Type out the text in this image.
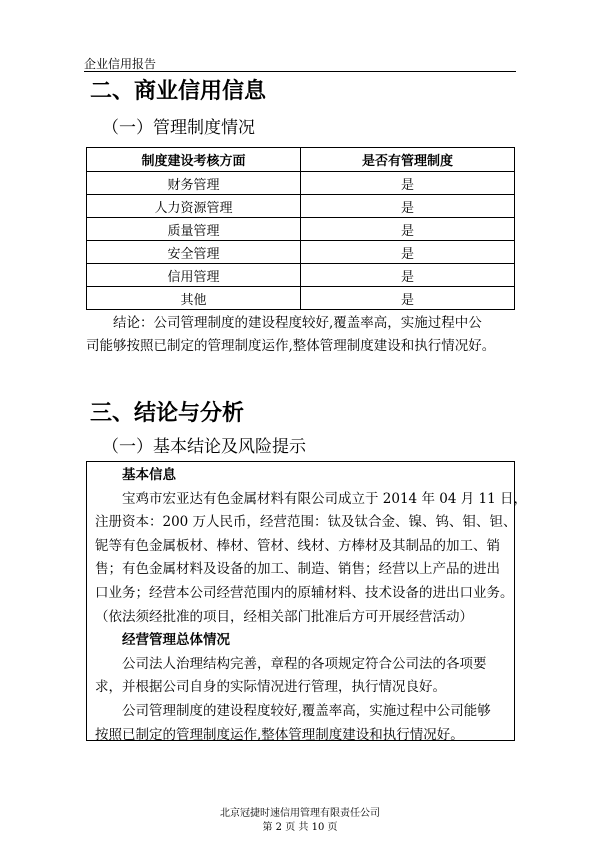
企业信用报告
二、商业信用信息
（一）管理制度情况
制度建设考核方面	是否有管理制度
财务管理	是
人力资源管理	是
质量管理	是
安全管理	是
信用管理	是
其他	是
结论：公司管理制度的建设程度较好,覆盖率高，实施过程中公
司能够按照已制定的管理制度运作,整体管理制度建设和执行情况好。
三、结论与分析
（一）基本结论及风险提示
基本信息
宝鸡市宏亚达有色金属材料有限公司成立于 2014 年 04 月 11 日，
注册资本：200 万人民币，经营范围：钛及钛合金、镍、钨、钼、钽、
铌等有色金属板材、棒材、管材、线材、方棒材及其制品的加工、销
售；有色金属材料及设备的加工、制造、销售；经营以上产品的进出
口业务；经营本公司经营范围内的原辅材料、技术设备的进出口业务。
（依法须经批准的项目，经相关部门批准后方可开展经营活动）
经营管理总体情况
公司法人治理结构完善，章程的各项规定符合公司法的各项要
求，并根据公司自身的实际情况进行管理，执行情况良好。
公司管理制度的建设程度较好,覆盖率高，实施过程中公司能够
按照已制定的管理制度运作,整体管理制度建设和执行情况好。
北京冠捷时速信用管理有限责任公司
第 2 页 共 10 页
